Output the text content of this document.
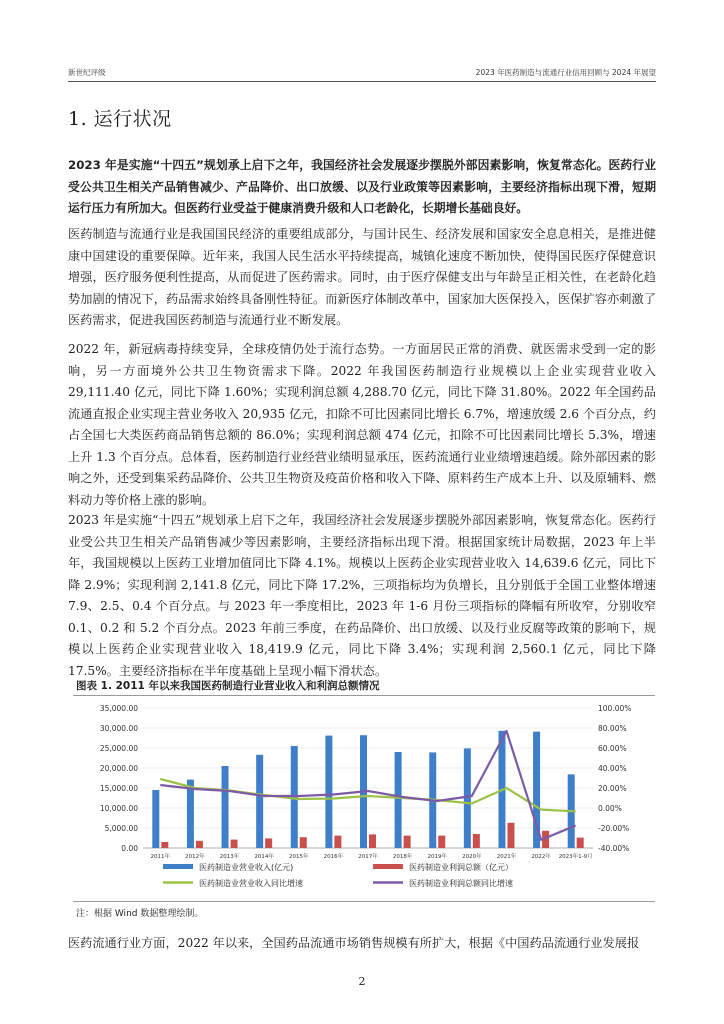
新世纪评级	2023 年医药制造与流通行业信用回顾与 2024 年展望
1. 运行状况

2023 年是实施“十四五”规划承上启下之年，我国经济社会发展逐步摆脱外部因素影响，恢复常态化。医药行业受公共卫生相关产品销售减少、产品降价、出口放缓、以及行业政策等因素影响，主要经济指标出现下滑，短期运行压力有所加大。但医药行业受益于健康消费升级和人口老龄化，长期增长基础良好。

医药制造与流通行业是我国国民经济的重要组成部分，与国计民生、经济发展和国家安全息息相关，是推进健康中国建设的重要保障。近年来，我国人民生活水平持续提高，城镇化速度不断加快，使得国民医疗保健意识增强，医疗服务便利性提高，从而促进了医药需求。同时，由于医疗保健支出与年龄呈正相关性，在老龄化趋势加剧的情况下，药品需求始终具备刚性特征。而新医疗体制改革中，国家加大医保投入，医保扩容亦刺激了医药需求，促进我国医药制造与流通行业不断发展。

2022 年，新冠病毒持续变异，全球疫情仍处于流行态势。一方面居民正常的消费、就医需求受到一定的影响，另一方面境外公共卫生物资需求下降。2022 年我国医药制造行业规模以上企业实现营业收入 29,111.40 亿元，同比下降 1.60%；实现利润总额 4,288.70 亿元，同比下降 31.80%。2022 年全国药品流通直报企业实现主营业务收入 20,935 亿元，扣除不可比因素同比增长 6.7%，增速放缓 2.6 个百分点，约占全国七大类医药商品销售总额的 86.0%；实现利润总额 474 亿元，扣除不可比因素同比增长 5.3%，增速上升 1.3 个百分点。总体看，医药制造行业经营业绩明显承压，医药流通行业业绩增速趋缓。除外部因素的影响之外，还受到集采药品降价、公共卫生物资及疫苗价格和收入下降、原料药生产成本上升、以及原辅料、燃料动力等价格上涨的影响。

2023 年是实施“十四五”规划承上启下之年，我国经济社会发展逐步摆脱外部因素影响，恢复常态化。医药行业受公共卫生相关产品销售减少等因素影响，主要经济指标出现下滑。根据国家统计局数据，2023 年上半年，我国规模以上医药工业增加值同比下降 4.1%。规模以上医药企业实现营业收入 14,639.6 亿元，同比下降 2.9%；实现利润 2,141.8 亿元，同比下降 17.2%，三项指标均为负增长，且分别低于全国工业整体增速 7.9、2.5、0.4 个百分点。与 2023 年一季度相比，2023 年 1-6 月份三项指标的降幅有所收窄，分别收窄 0.1、0.2 和 5.2 个百分点。2023 年前三季度，在药品降价、出口放缓、以及行业反腐等政策的影响下，规模以上医药企业实现营业收入 18,419.9 亿元，同比下降 3.4%；实现利润 2,560.1 亿元，同比下降 17.5%。主要经济指标在半年度基础上呈现小幅下滑状态。

图表 1. 2011 年以来我国医药制造行业营业收入和利润总额情况
0.00
5,000.00
10,000.00
15,000.00
20,000.00
25,000.00
30,000.00
35,000.00
-40.00%
-20.00%
0.00%
20.00%
40.00%
60.00%
80.00%
100.00%
2011年	2012年	2013年	2014年	2015年	2016年	2017年	2018年	2019年	2020年	2021年	2022年 2023年1-9月
医药制造业营业收入(亿元)	医药制造业利润总额（亿元）
医药制造业营业收入同比增速	医药制造业利润总额同比增速
注：根据 Wind 数据整理绘制。

医药流通行业方面，2022 年以来，全国药品流通市场销售规模有所扩大，根据《中国药品流通行业发展报

2
